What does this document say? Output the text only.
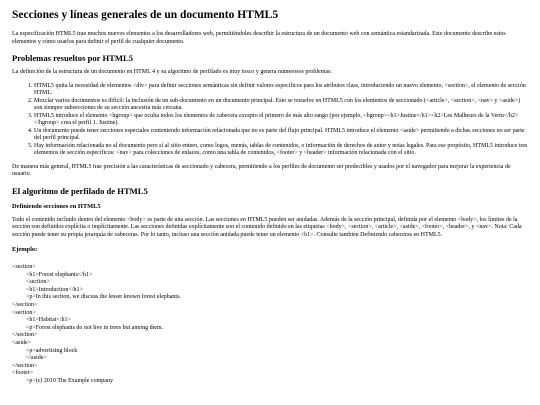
Secciones y líneas generales de un documento HTML5

La especificación HTML5 trae muchos nuevos elementos a los desarrolladores web, permitiéndoles describir la estructura de un documento web con semántica estandarizada. Este documento describe estos elementos y cómo usarlos para definir el perfil de cualquier documento.

Problemas resueltos por HTML5

La definición de la estructura de un documento en HTML 4 y su algoritmo de perfilado es muy tosco y genera numerosos problemas:

1. HTML5 quita la necesidad de elementos <div> para definir secciones semánticas sin definir valores específicos para los atributos class, introduciendo un nuevo elemento, <section>, el elemento de sección HTML.
2. Mezclar varios documentos es difícil: la inclusión de un sub-documento en un documento principal. Esto se resuelve en HTML5 con los elementos de seccionado (<article>, <section>, <nav> y <aside>) son siempre subsecciones de su sección ancestra más cercana.
3. HTML5 introduce el elemento <hgroup> que oculta todos los elementos de cabecera excepto el primero de más alto rango (por ejemplo, <hgroup><h1>Justine</h1><h2>Les Malheurs de la Vertu</h2></hgroup> crea el perfil 1. Justine).
4. Un documento puede tener secciones especiales conteniendo información relacionada que no es parte del flujo principal. HTML5 introduce el elemento <aside> permitiendo a dichas secciones no ser parte del perfil principal.
5. Hay información relacionada no al documento pero sí al sitio entero, como logos, menús, tablas de contenidos, o información de derechos de autor y notas legales. Para ese propósito, HTML5 introduce tres elementos de sección específicos: <nav> para colecciones de enlaces, como una tabla de contenidos, <footer> y <header> información relacionada con el sitio.

De manera más general, HTML5 trae precisión a las características de seccionado y cabecera, permitiendo a los perfiles de documento ser predecibles y usados por el navegador para mejorar la experiencia de usuario.

El algoritmo de perfilado de HTML5
Definiendo secciones en HTML5

Todo el contenido incluido dentro del elemento <body> es parte de una sección. Las secciones en HTML5 pueden ser anidadas. Además de la sección principal, definida por el elemento <body>, los límites de la sección son definidos explícita o implícitamente. Las secciones definidas explícitamente son el contenido definido en las etiquetas <body>, <section>, <article>, <aside>, <footer>, <header>, y <nav>. Nota: Cada sección puede tener su propia jerarquía de cabeceras. Por lo tanto, incluso una sección anidada puede tener un elemento <h1>. Consulte también Definiendo cabeceras en HTML5.

Ejemplo:
<section>
<h1>Forest elephants</h1>
<section>
<h1>Introduction</h1>
<p>In this section, we discuss the lesser known forest elephants.
</section>
<section>
<h1>Habitat</h1>
<p>Forest elephants do not live in trees but among them.
</section>
<aside>
<p>advertising block
</aside>
</section>
<footer>
<p>(c) 2010 The Example company
